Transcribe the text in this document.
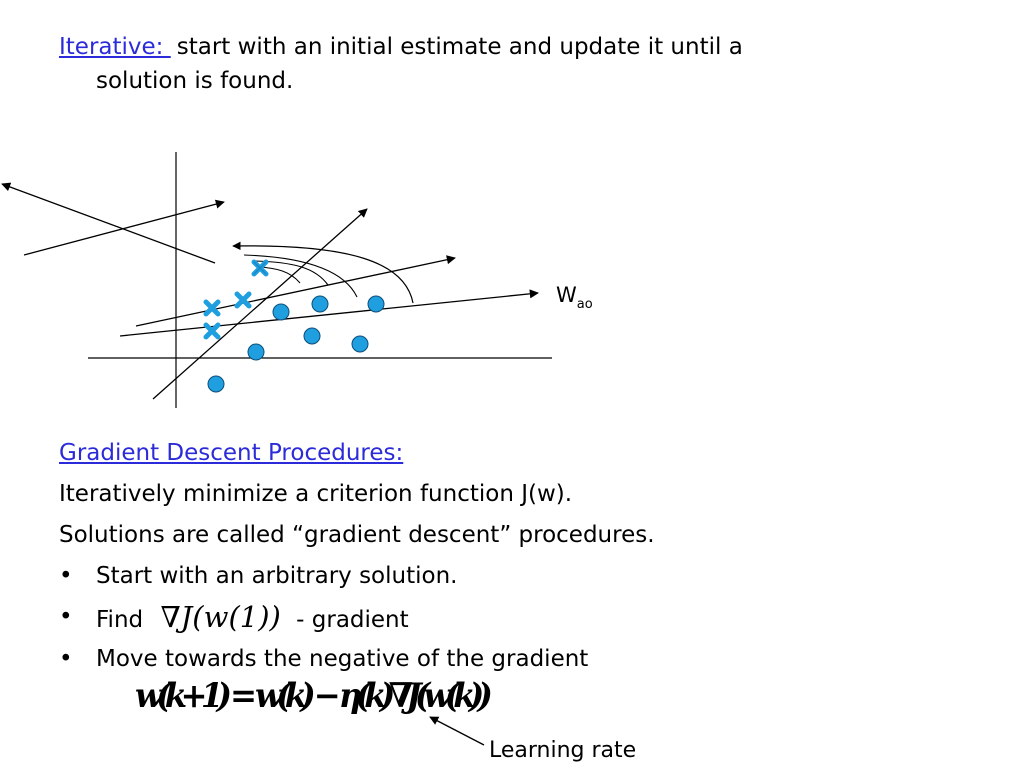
Iterative: start with an initial estimate and update it until a
solution is found.
$W_{ao}$
Gradient Descent Procedures:
Iteratively minimize a criterion function J(w).
Solutions are called “gradient descent” procedures.
• Start with an arbitrary solution.
• Find ∇J(w(1)) - gradient
• Move towards the negative of the gradient
w(k+1) = w(k) − η(k)∇J(w(k))
Learning rate
